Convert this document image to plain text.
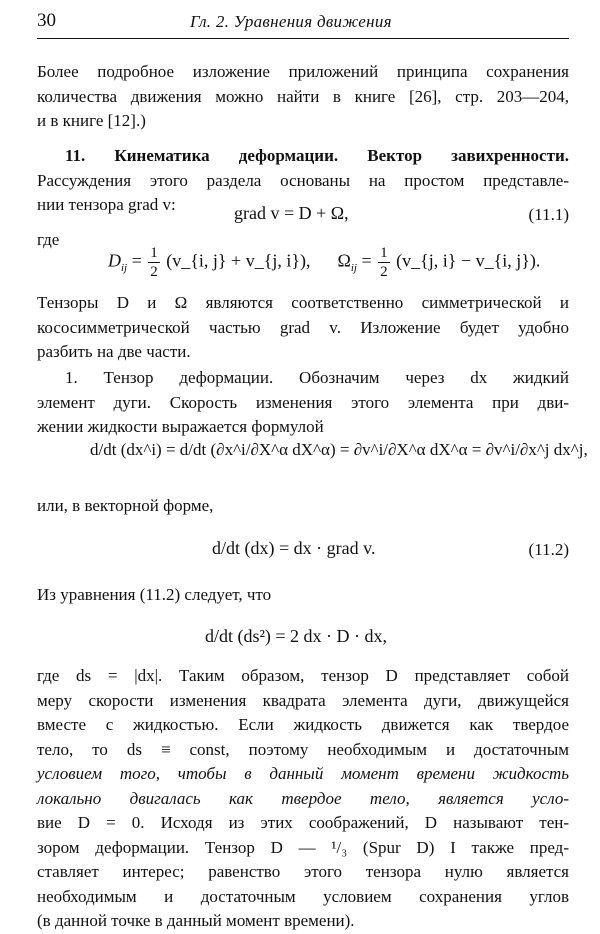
30	Гл. 2. Уравнения движения
Более подробное изложение приложений принципа сохранения
количества движения можно найти в книге [26], стр. 203—204,
и в книге [12].)
11. Кинематика деформации. Вектор завихренности.
Рассуждения этого раздела основаны на простом представле-
нии тензора grad v:	grad v = D + Ω,	(11.1)
где
$D_{ij} = \frac{1}{2}$ (v_{i, j} + v_{j, i}), $\Omega_{ij} = \frac{1}{2}$ (v_{j, i} − v_{i, j}).
Тензоры D и Ω являются соответственно симметрической и
кососимметрической частью grad v. Изложение будет удобно
разбить на две части.
1. Тензор деформации. Обозначим через dx жидкий
элемент дуги. Скорость изменения этого элемента при дви-
жении жидкости выражается формулой
d/dt (dx^i) = d/dt (∂x^i/∂X^α dX^α) = ∂v^i/∂X^α dX^α = ∂v^i/∂x^j dx^j,
или, в векторной форме,
d/dt (dx) = dx · grad v.	(11.2)
Из уравнения (11.2) следует, что
d/dt (ds²) = 2 dx · D · dx,
где ds = |dx|. Таким образом, тензор D представляет собой
меру скорости изменения квадрата элемента дуги, движущейся
вместе с жидкостью. Если жидкость движется как твердое
тело, то ds ≡ const, поэтому необходимым и достаточным
условием того, чтобы в данный момент времени жидкость
локально двигалась как твердое тело, является усло-
вие D = 0. Исходя из этих соображений, D называют тен-
зором деформации. Тензор D — ¹/₃ (Spur D) I также пред-
ставляет интерес; равенство этого тензора нулю является
необходимым и достаточным условием сохранения углов
(в данной точке в данный момент времени).
